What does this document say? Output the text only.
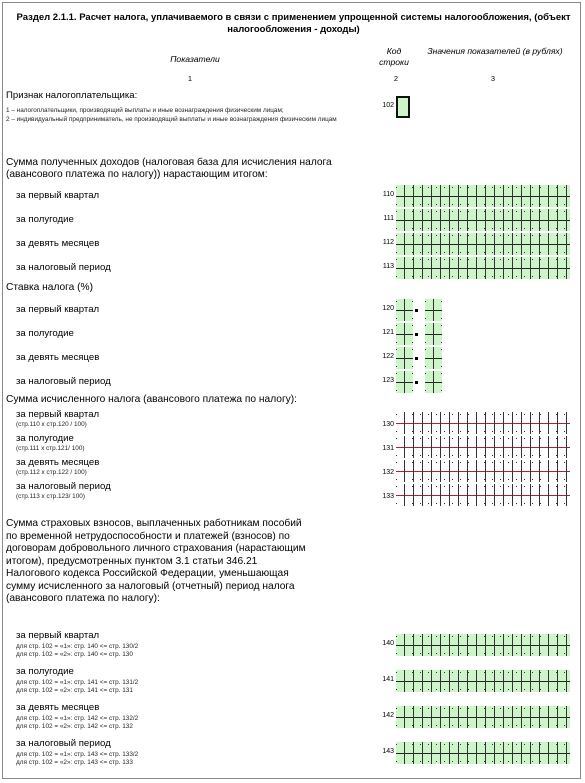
Раздел 2.1.1. Расчет налога, уплачиваемого в связи с применением упрощенной системы налогообложения, (объект налогообложения - доходы)
Показатели
Код строки
Значения показателей (в рублях)
1	2	3
Признак налогоплательщика:
1 – налогоплательщики, производящий выплаты и иные вознаграждения физическим лицам;
2 – индивидуальный предприниматель, не производящий выплаты и иные вознаграждения физическим лицам
102
Сумма полученных доходов (налоговая база для исчисления налога (авансового платежа по налогу)) нарастающим итогом:
Ставка налога (%)
Сумма исчисленного налога (авансового платежа по налогу):
Сумма страховых взносов, выплаченных работникам пособий по временной нетрудоспособности и платежей (взносов) по договорам добровольного личного страхования (нарастающим итогом), предусмотренных пунктом 3.1 статьи 346.21 Налогового кодекса Российской Федерации, уменьшающая сумму исчисленного за налоговый (отчетный) период налога (авансового платежа по налогу):
за первый квартал	110
за полугодие	111
за девять месяцев	112
за налоговый период	113
за первый квартал	120
за полугодие	121
за девять месяцев	122
за налоговый период	123
за первый квартал
(стр.110 х стр.120 / 100)	130
за полугодие
(стр.111 х стр.121/ 100)	131
за девять месяцев
(стр.112 х стр.122 / 100)	132
за налоговый период
(стр.113 х стр.123/ 100)	133
за первый квартал
для стр. 102 = «1»: стр. 140 <= стр. 130/2
для стр. 102 = «2»: стр. 140 <= стр. 130
140
за полугодие
для стр. 102 = «1»: стр. 141 <= стр. 131/2
для стр. 102 = «2»: стр. 141 <= стр. 131
141
за девять месяцев
для стр. 102 = «1»: стр. 142 <= стр. 132/2
для стр. 102 = «2»: стр. 142 <= стр. 132
142
за налоговый период
для стр. 102 = «1»: стр. 143 <= стр. 133/2
для стр. 102 = «2»: стр. 143 <= стр. 133
143
